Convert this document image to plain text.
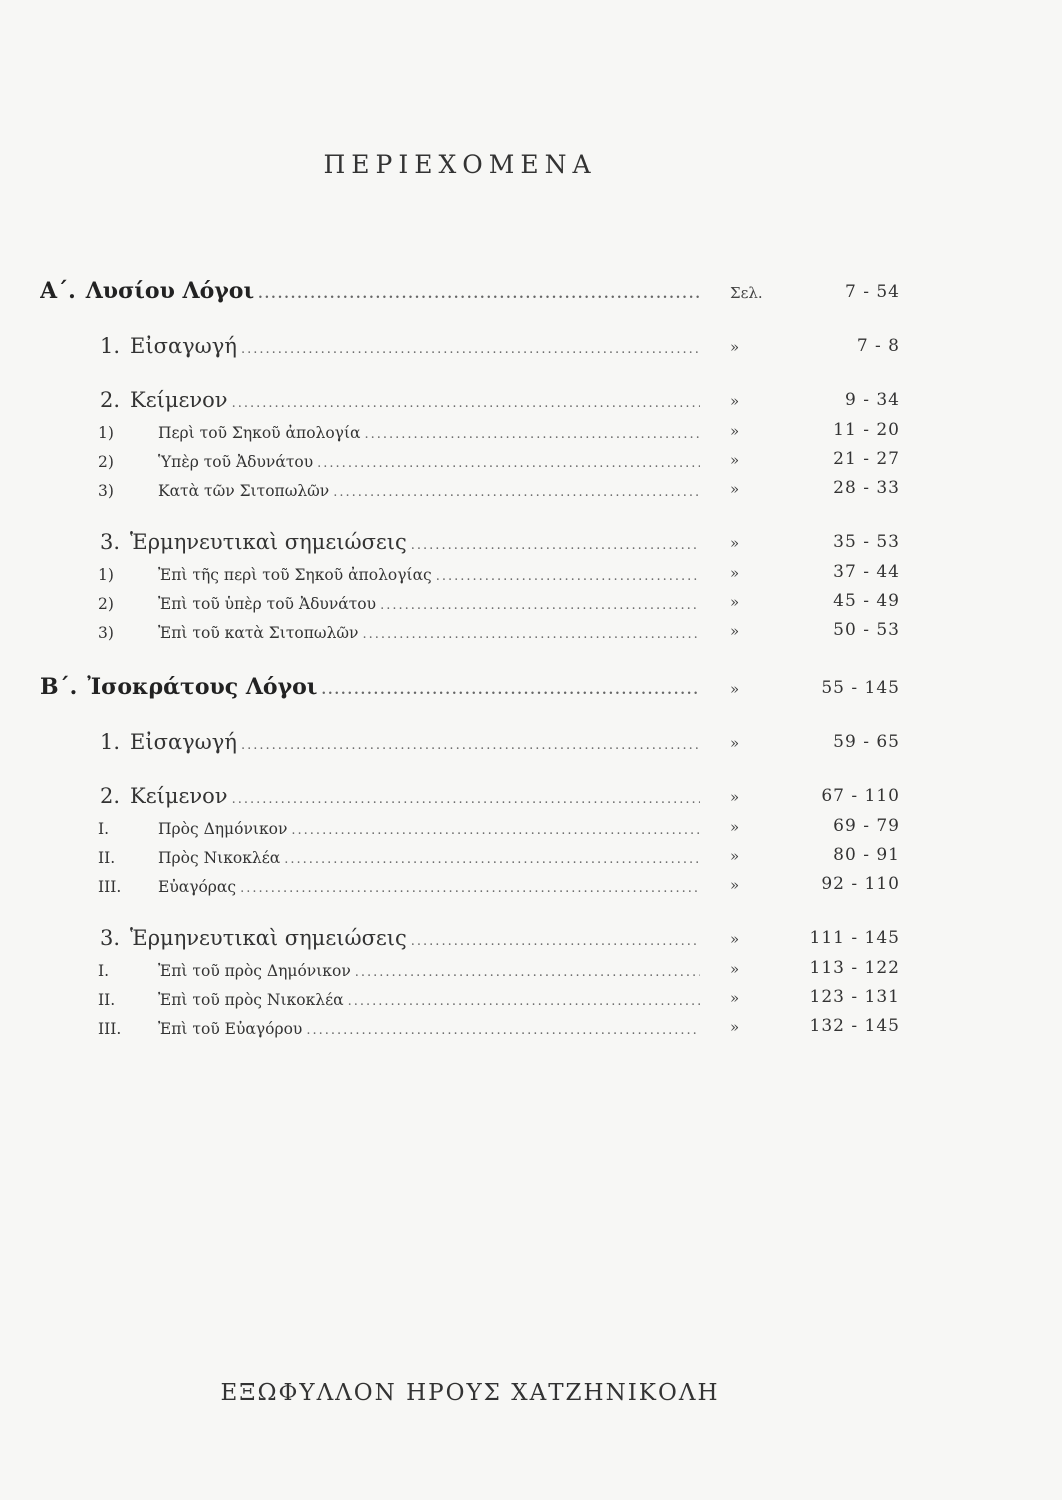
ΠΕΡΙΕΧΟΜΕΝΑ
Α΄. Λυσίου Λόγοι .....	Σελ.	7 - 54
1. Εἰσαγωγή .....	»	7 - 8
2. Κείμενον .....	»	9 - 34
1)	Περὶ τοῦ Σηκοῦ ἀπολογία .....	»	11 - 20
2)	Ὑπὲρ τοῦ Ἀδυνάτου .....	»	21 - 27
3)	Κατὰ τῶν Σιτοπωλῶν .....	»	28 - 33
3. Ἑρμηνευτικαὶ σημειώσεις .....	»	35 - 53
1)	Ἐπὶ τῆς περὶ τοῦ Σηκοῦ ἀπολογίας .....	»	37 - 44
2)	Ἐπὶ τοῦ ὑπὲρ τοῦ Ἀδυνάτου .....	»	45 - 49
3)	Ἐπὶ τοῦ κατὰ Σιτοπωλῶν .....	»	50 - 53
Β΄. Ἰσοκράτους Λόγοι .....	»	55 - 145
1. Εἰσαγωγή .....	»	59 - 65
2. Κείμενον .....	»	67 - 110
I.	Πρὸς Δημόνικον .....	»	69 - 79
II.	Πρὸς Νικοκλέα .....	»	80 - 91
III.	Εὐαγόρας .....	»	92 - 110
3. Ἑρμηνευτικαὶ σημειώσεις .....	»	111 - 145
I.	Ἐπὶ τοῦ πρὸς Δημόνικον .....	»	113 - 122
II.	Ἐπὶ τοῦ πρὸς Νικοκλέα .....	»	123 - 131
III.	Ἐπὶ τοῦ Εὐαγόρου .....	»	132 - 145
ΕΞΩΦΥΛΛΟΝ ΗΡΟΥΣ ΧΑΤΖΗΝΙΚΟΛΗ
